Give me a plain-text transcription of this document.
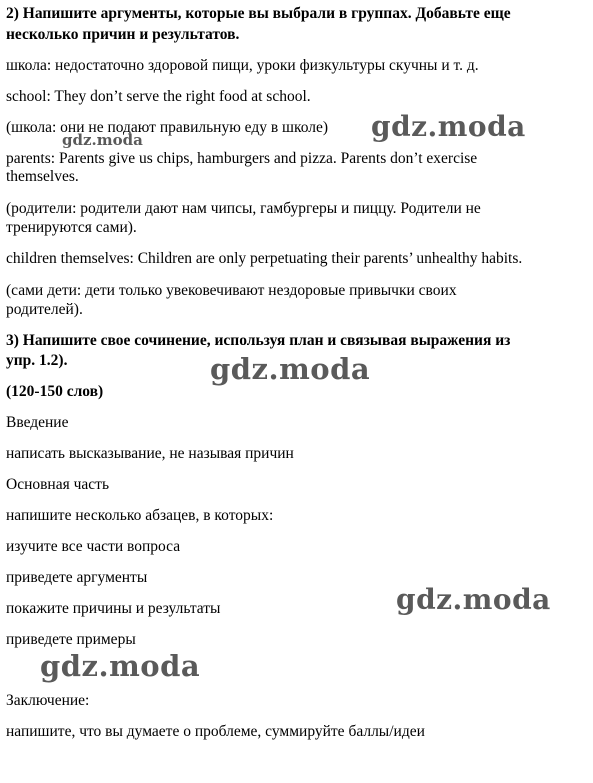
2) Напишите аргументы, которые вы выбрали в группах. Добавьте еще
несколько причин и результатов.
школа: недостаточно здоровой пищи, уроки физкультуры скучны и т. д.
school: They don’t serve the right food at school.
(школа: они не подают правильную еду в школе)
parents: Parents give us chips, hamburgers and pizza. Parents don’t exercise
themselves.
(родители: родители дают нам чипсы, гамбургеры и пиццу. Родители не
тренируются сами).
children themselves: Children are only perpetuating their parents’ unhealthy habits.
(сами дети: дети только увековечивают нездоровые привычки своих
родителей).
3) Напишите свое сочинение, используя план и связывая выражения из
упр. 1.2).
(120-150 слов)
Введение
написать высказывание, не называя причин
Основная часть
напишите несколько абзацев, в которых:
изучите все части вопроса
приведете аргументы
покажите причины и результаты
приведете примеры
Заключение:
напишите, что вы думаете о проблеме, суммируйте баллы/идеи
gdz.moda
gdz.moda
gdz.moda
gdz.moda
gdz.moda
